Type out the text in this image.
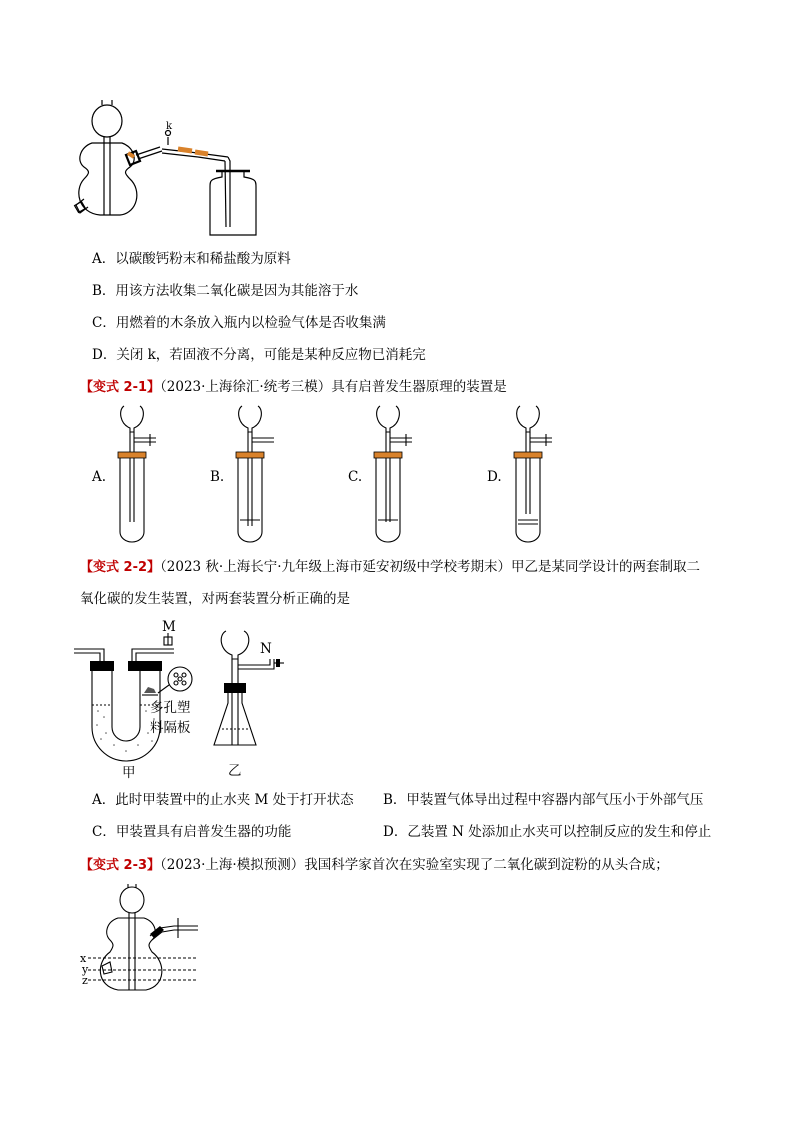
k
A．以碳酸钙粉末和稀盐酸为原料
B．用该方法收集二氧化碳是因为其能溶于水
C．用燃着的木条放入瓶内以检验气体是否收集满
D．关闭 k，若固液不分离，可能是某种反应物已消耗完
【变式 2-1】（2023·上海徐汇·统考三模）具有启普发生器原理的装置是
A.	B.	C.	D.
【变式 2-2】（2023 秋·上海长宁·九年级上海市延安初级中学校考期末）甲乙是某同学设计的两套制取二
氧化碳的发生装置，对两套装置分析正确的是
M
多孔塑
料隔板
甲
N
乙
A．此时甲装置中的止水夹 M 处于打开状态 B．甲装置气体导出过程中容器内部气压小于外部气压
C．甲装置具有启普发生器的功能	D．乙装置 N 处添加止水夹可以控制反应的发生和停止
【变式 2-3】（2023·上海·模拟预测）我国科学家首次在实验室实现了二氧化碳到淀粉的从头合成；
x
y
z
